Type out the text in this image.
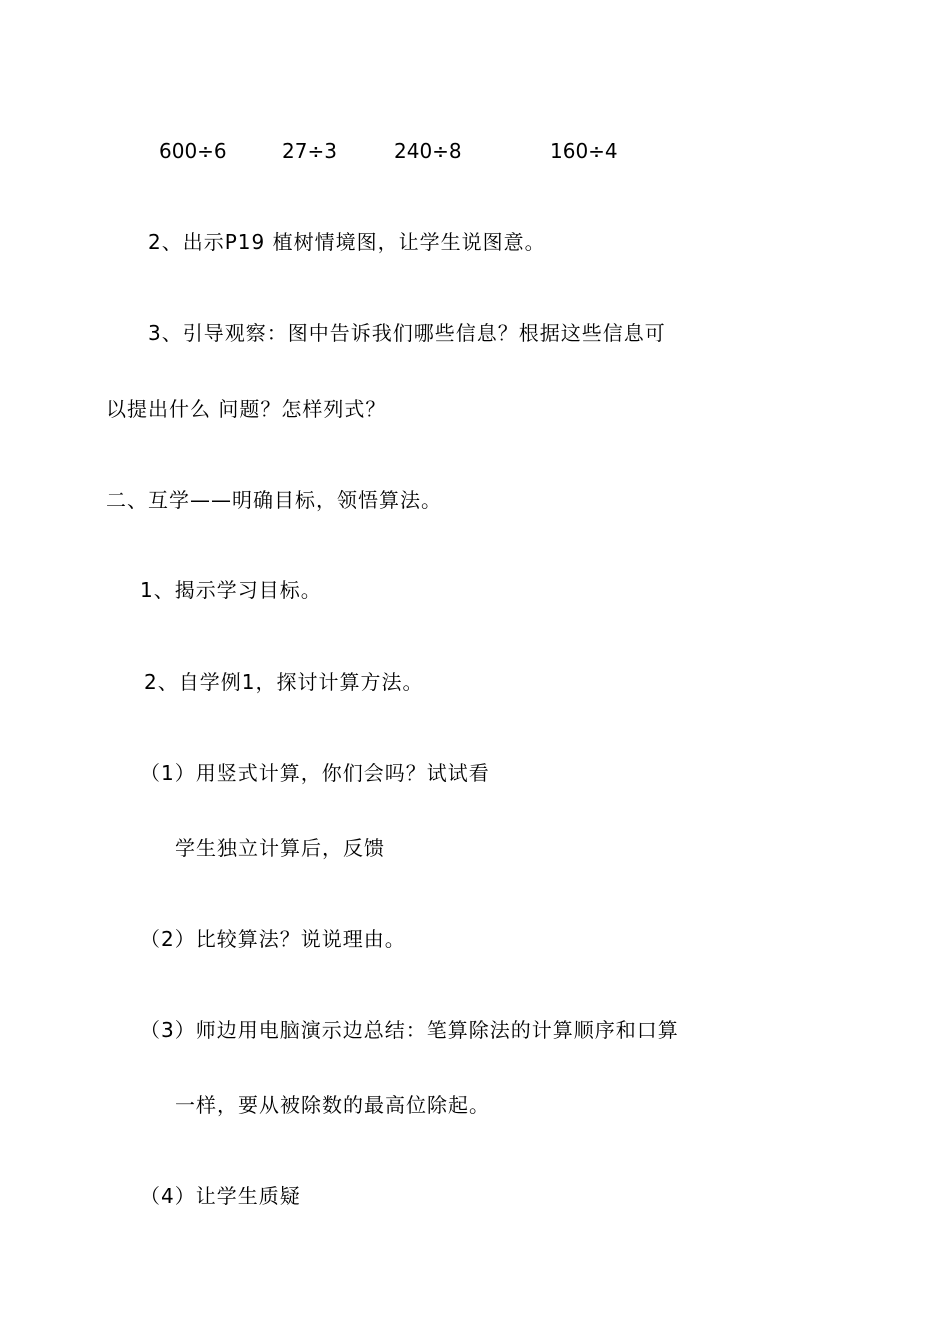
600÷6	27÷3	240÷8	160÷4
2、出示P19 植树情境图，让学生说图意。
3、引导观察：图中告诉我们哪些信息？根据这些信息可
以提出什么 问题？怎样列式？
二、互学——明确目标，领悟算法。
1、揭示学习目标。
2、自学例1，探讨计算方法。
（1）用竖式计算，你们会吗？试试看
学生独立计算后，反馈
（2）比较算法？说说理由。
（3）师边用电脑演示边总结：笔算除法的计算顺序和口算
一样，要从被除数的最高位除起。
（4）让学生质疑
